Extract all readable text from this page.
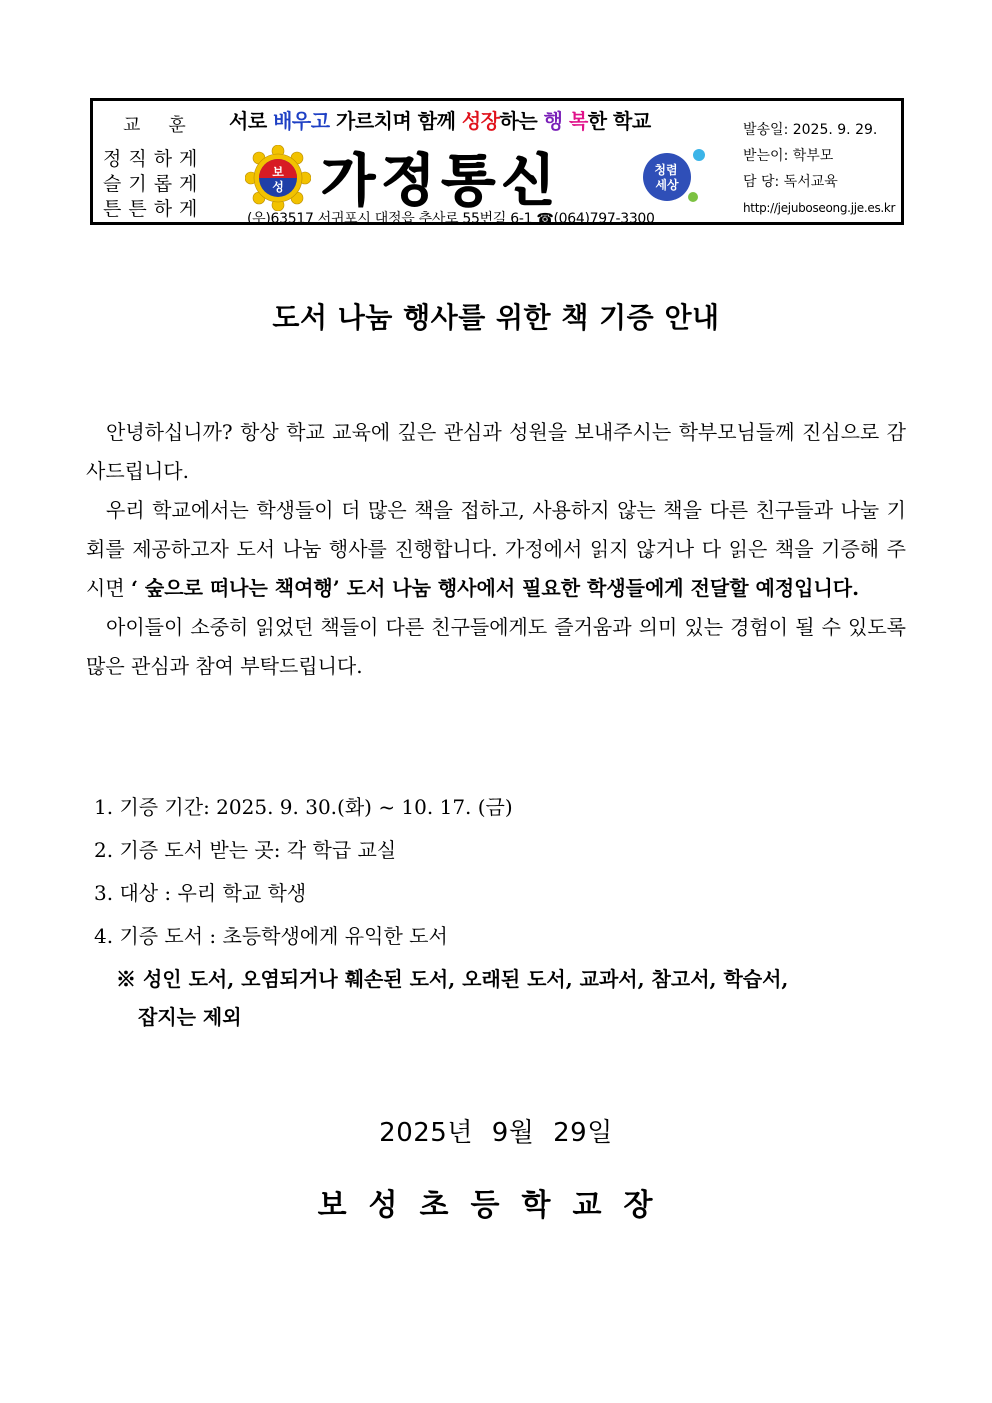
교훈
정직하게
슬기롭게
튼튼하게
서로 배우고 가르치며 함께 성장하는 행 복한 학교
보
성 가정통신	청렴
세상
(우)63517 서귀포시 대정읍 추사로 55번길 6-1 ☎(064)797-3300
발송일: 2025. 9. 29.
받는이: 학부모
담 당: 독서교육
http://jejuboseong.jje.es.kr
도서 나눔 행사를 위한 책 기증 안내

안녕하십니까? 항상 학교 교육에 깊은 관심과 성원을 보내주시는 학부모님들께 진심으로 감사드립니다.

우리 학교에서는 학생들이 더 많은 책을 접하고, 사용하지 않는 책을 다른 친구들과 나눌 기회를 제공하고자 도서 나눔 행사를 진행합니다. 가정에서 읽지 않거나 다 읽은 책을 기증해 주시면 ‘ 숲으로 떠나는 책여행’ 도서 나눔 행사에서 필요한 학생들에게 전달할 예정입니다.

아이들이 소중히 읽었던 책들이 다른 친구들에게도 즐거움과 의미 있는 경험이 될 수 있도록 많은 관심과 참여 부탁드립니다.

1. 기증 기간: 2025. 9. 30.(화) ~ 10. 17. (금)
2. 기증 도서 받는 곳: 각 학급 교실
3. 대상 : 우리 학교 학생
4. 기증 도서 : 초등학생에게 유익한 도서
※ 성인 도서, 오염되거나 훼손된 도서, 오래된 도서, 교과서, 참고서, 학습서,
잡지는 제외
2025년 9월 29일
보성초등학교장
